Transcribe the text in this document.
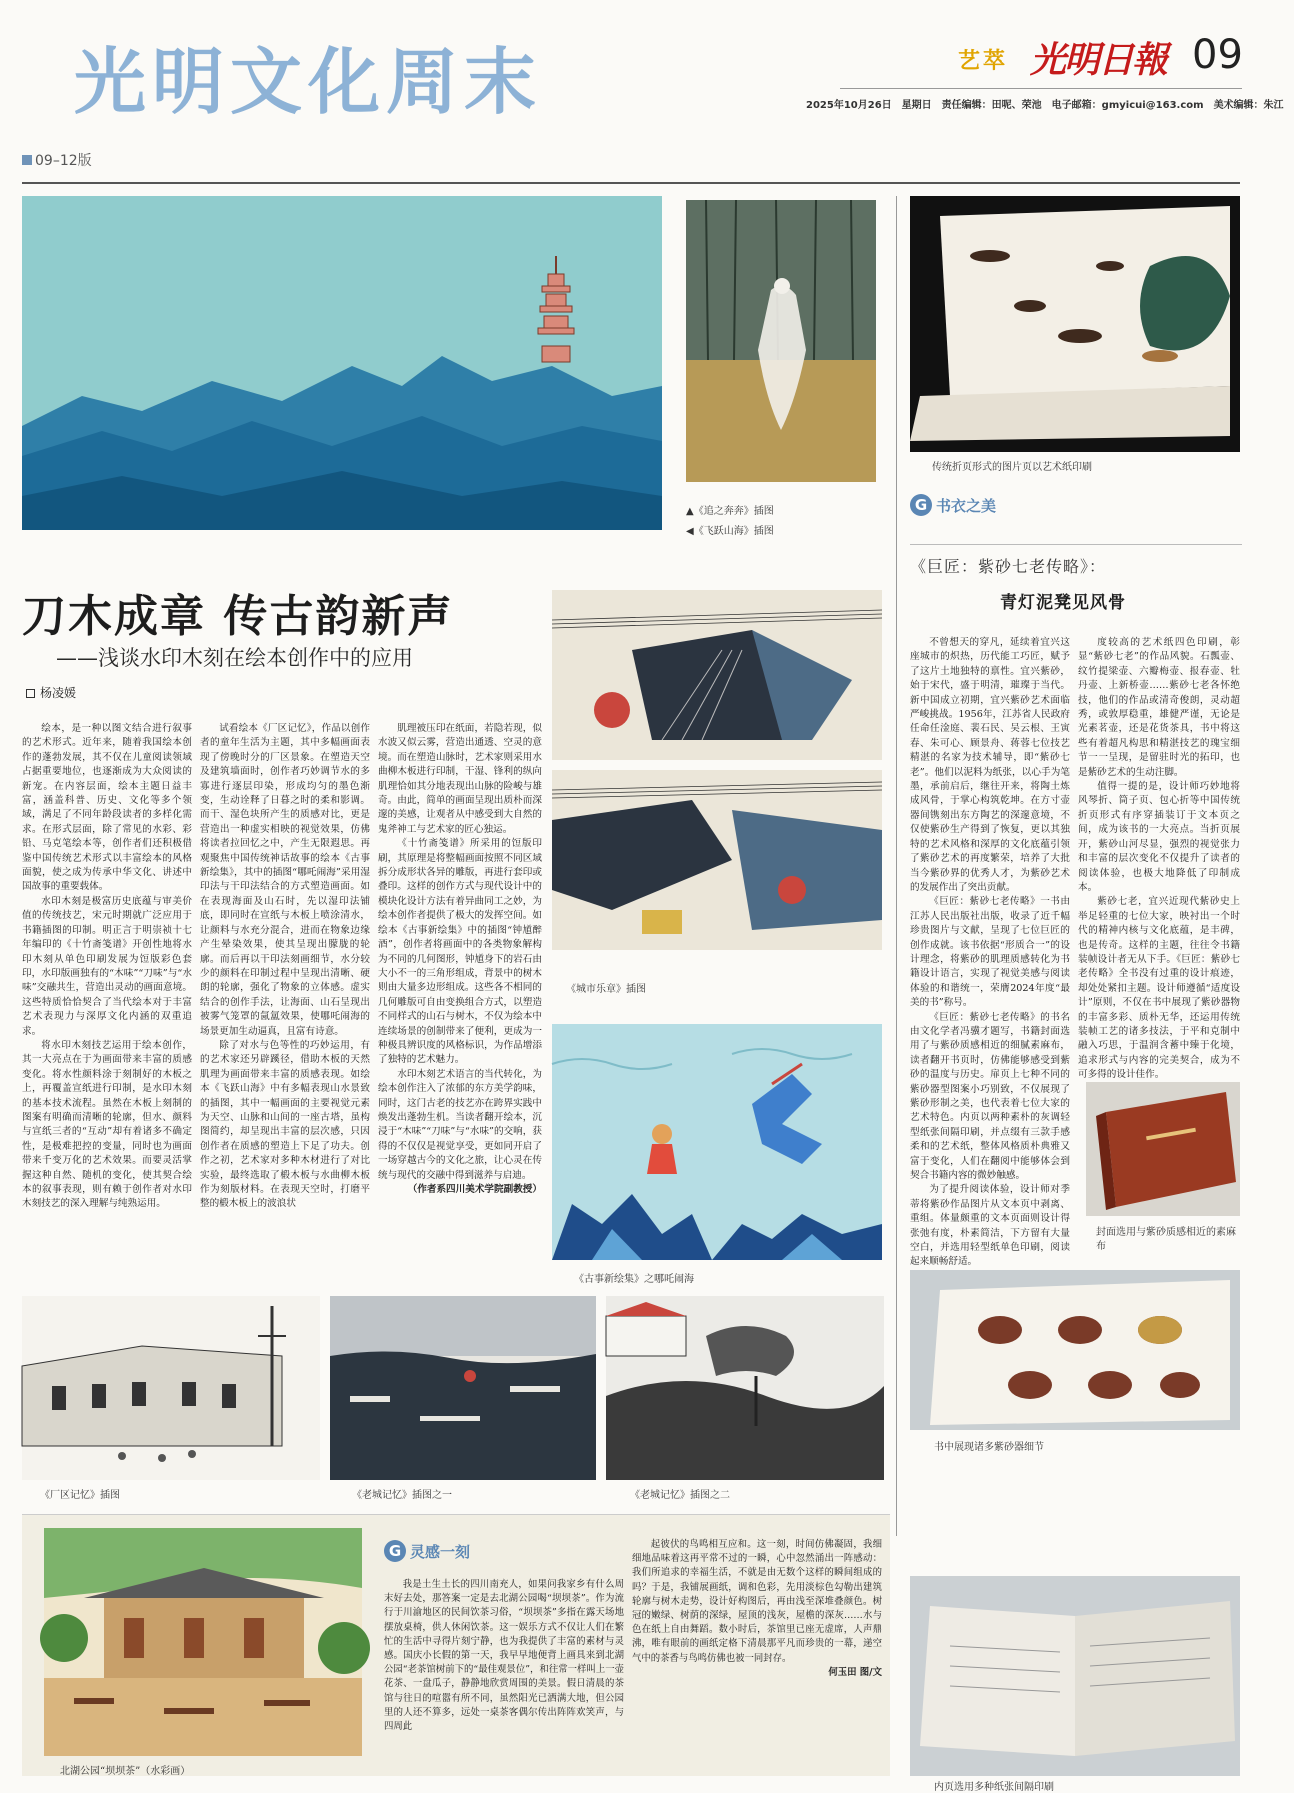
光明文化周末
09–12版
艺萃 光明日報 09
2025年10月26日 星期日 责任编辑：田呢、荣池 电子邮箱：gmyicui@163.com 美术编辑：朱江
▲《追之奔奔》插图
◀《飞跃山海》插图
刀木成章 传古韵新声
——浅谈水印木刻在绘本创作中的应用
杨凌媛
《城市乐章》插图
《古事新绘集》之哪吒闹海

绘本，是一种以图文结合进行叙事的艺术形式。近年来，随着我国绘本创作的蓬勃发展，其不仅在儿童阅读领域占据重要地位，也逐渐成为大众阅读的新宠。在内容层面，绘本主题日益丰富，涵盖科普、历史、文化等多个领域，满足了不同年龄段读者的多样化需求。在形式层面，除了常见的水彩、彩铅、马克笔绘本等，创作者们还积极借鉴中国传统艺术形式以丰富绘本的风格面貌，使之成为传承中华文化、讲述中国故事的重要载体。

水印木刻是极富历史底蕴与审美价值的传统技艺，宋元时期就广泛应用于书籍插图的印制。明正言于明崇祯十七年编印的《十竹斋笺谱》开创性地将水印木刻从单色印刷发展为饾版彩色套印，水印版画独有的“木味”“刀味”与“水味”交融共生，营造出灵动的画面意境。这些特质恰恰契合了当代绘本对于丰富艺术表现力与深厚文化内涵的双重追求。

将水印木刻技艺运用于绘本创作，其一大亮点在于为画面带来丰富的质感变化。将水性颜料涂于刻制好的木板之上，再覆盖宣纸进行印制，是水印木刻的基本技术流程。虽然在木板上刻制的图案有明确而清晰的轮廓，但水、颜料与宣纸三者的“互动”却有着诸多不确定性，是极难把控的变量，同时也为画面带来千变万化的艺术效果。而要灵活掌握这种自然、随机的变化，使其契合绘本的叙事表现，则有赖于创作者对水印木刻技艺的深入理解与纯熟运用。

试看绘本《厂区记忆》，作品以创作者的童年生活为主题，其中多幅画面表现了傍晚时分的厂区景象。在塑造天空及建筑墙面时，创作者巧妙调节水的多寡进行逐层印染，形成均匀的墨色渐变，生动诠释了日暮之时的柔和影调。而干、湿色块所产生的质感对比，更是营造出一种虚实相映的视觉效果，仿佛将读者拉回忆之中，产生无限遐思。再观聚焦中国传统神话故事的绘本《古事新绘集》，其中的插图“哪吒闹海”采用湿印法与干印法结合的方式塑造画面。如在表现海面及山石时，先以湿印法铺底，即同时在宣纸与木板上喷涂清水，让颜料与水充分混合，进而在物象边缘产生晕染效果，使其呈现出朦胧的轮廓。而后再以干印法刻画细节，水分较少的颜料在印制过程中呈现出清晰、硬朗的轮廓，强化了物象的立体感。虚实结合的创作手法，让海面、山石呈现出被雾气笼罩的氤氲效果，使哪吒闹海的场景更加生动逼真，且富有诗意。

除了对水与色等性的巧妙运用，有的艺术家还另辟蹊径，借助木板的天然肌理为画面带来丰富的质感表现。如绘本《飞跃山海》中有多幅表现山水景致的插图，其中一幅画面的主要视觉元素为天空、山脉和山间的一座古塔，虽构图简约，却呈现出丰富的层次感，只因创作者在质感的塑造上下足了功夫。创作之初，艺术家对多种木材进行了对比实验，最终选取了椴木板与水曲柳木板作为刻版材料。在表现天空时，打磨平整的椴木板上的波浪状

肌理被压印在纸面，若隐若现，似水波又似云雾，营造出通透、空灵的意境。而在塑造山脉时，艺术家则采用水曲柳木板进行印制，干湿、锋利的纵向肌理恰如其分地表现出山脉的险峻与雄奇。由此，简单的画面呈现出质朴而深邃的美感，让观者从中感受到大自然的鬼斧神工与艺术家的匠心独运。

《十竹斋笺谱》所采用的饾版印刷，其原理是将整幅画面按照不同区域拆分成形状各异的雕版，再进行套印或叠印。这样的创作方式与现代设计中的模块化设计方法有着异曲同工之妙，为绘本创作者提供了极大的发挥空间。如绘本《古事新绘集》中的插图“钟馗醉酒”，创作者将画面中的各类物象解构为不同的几何图形，钟馗身下的岩石由大小不一的三角形组成，背景中的树木则由大量多边形组成。这些各不相同的几何雕版可自由变换组合方式，以塑造不同样式的山石与树木，不仅为绘本中连续场景的创制带来了便利，更成为一种极具辨识度的风格标识，为作品增添了独特的艺术魅力。

水印木刻艺术语言的当代转化，为绘本创作注入了浓郁的东方美学韵味，同时，这门古老的技艺亦在跨界实践中焕发出蓬勃生机。当读者翻开绘本，沉浸于“木味”“刀味”与“水味”的交响，获得的不仅仅是视觉享受，更如同开启了一场穿越古今的文化之旅，让心灵在传统与现代的交融中得到滋养与启迪。

（作者系四川美术学院副教授）

《厂区记忆》插图	《老城记忆》插图之一	《老城记忆》插图之二
传统折页形式的图片页以艺术纸印刷
G 书衣之美
《巨匠：紫砂七老传略》：
青灯泥凳见风骨

不曾想天的穿凡，延续着宜兴这座城市的炽热，历代能工巧匠，赋予了这片土地独特的禀性。宜兴紫砂，始于宋代，盛于明清，璀璨于当代。新中国成立初期，宜兴紫砂艺术面临严峻挑战。1956年，江苏省人民政府任命任淦庭、裴石民、吴云根、王寅春、朱可心、顾景舟、蒋蓉七位技艺精湛的名家为技术辅导，即“紫砂七老”。他们以泥料为纸张，以心手为笔墨，承前启后，继往开来，将陶土炼成风骨，于掌心构筑乾坤。在方寸壶器间镌刻出东方陶艺的深邃意境，不仅使紫砂生产得到了恢复，更以其独特的艺术风格和深厚的文化底蕴引领了紫砂艺术的再度繁荣，培养了大批当今紫砂界的优秀人才，为紫砂艺术的发展作出了突出贡献。

《巨匠：紫砂七老传略》一书由江苏人民出版社出版，收录了近千幅珍贵图片与文献，呈现了七位巨匠的创作成就。该书依据“形质合一”的设计理念，将紫砂的肌理质感转化为书籍设计语言，实现了视觉美感与阅读体验的和谐统一，荣膺2024年度“最美的书”称号。

《巨匠：紫砂七老传略》的书名由文化学者冯骥才题写，书籍封面选用了与紫砂质感相近的细腻素麻布，读者翻开书页时，仿佛能够感受到紫砂的温度与历史。扉页上七种不同的紫砂器型图案小巧别致，不仅展现了紫砂形制之美，也代表着七位大家的艺术特色。内页以两种素朴的灰调轻型纸张间隔印刷，并点缀有三款手感柔和的艺术纸，整体风格质朴典雅又富于变化，人们在翻阅中能够体会到契合书籍内容的微妙触感。

为了提升阅读体验，设计师对季蒂将紫砂作品图片从文本页中剥离、重组。体量颇重的文本页面则设计得张弛有度，朴素简洁，下方留有大量空白，并选用轻型纸单色印刷，阅读起来顺畅舒适。

度较高的艺术纸四色印刷，彰显“紫砂七老”的作品风貌。石瓢壶、纹竹提梁壶、六瓣梅壶、报春壶、牡丹壶、上新桥壶……紫砂七老各怀绝技，他们的作品或清奇俊朗，灵动超秀，或敦厚稳重，雄健严谨，无论是光素茗壶，还是花货茶具，书中将这些有着超凡构思和精湛技艺的瑰宝细节一一呈现，是留驻时光的拓印，也是紫砂艺术的生动注脚。

值得一提的是，设计师巧妙地将风琴折、筒子页、包心折等中国传统折页形式有序穿插装订于文本页之间，成为该书的一大亮点。当折页展开，紫砂山河尽显，强烈的视觉张力和丰富的层次变化不仅提升了读者的阅读体验，也极大地降低了印制成本。

紫砂七老，宜兴近现代紫砂史上举足轻重的七位大家，映衬出一个时代的精神内核与文化底蕴，是丰碑，也是传奇。这样的主题，往往令书籍装帧设计者无从下手。《巨匠：紫砂七老传略》全书没有过重的设计痕迹，却处处紧扣主题。设计师遵循“适度设计”原则，不仅在书中展现了紫砂器物的丰富多彩、质朴无华，还运用传统装帧工艺的诸多技法，于平和克制中融入巧思，于温润含蓄中臻于化境，追求形式与内容的完美契合，成为不可多得的设计佳作。

封面选用与紫砂质感相近的素麻布
书中展现诸多紫砂器细节
内页选用多种纸张间隔印刷
北湖公园“坝坝茶”（水彩画）
G 灵感一刻

我是土生土长的四川南充人，如果问我家乡有什么周末好去处，那答案一定是去北湖公园喝“坝坝茶”。作为流行于川渝地区的民间饮茶习俗，“坝坝茶”多指在露天场地摆放桌椅，供人休闲饮茶。这一娱乐方式不仅让人们在繁忙的生活中寻得片刻宁静，也为我提供了丰富的素材与灵感。国庆小长假的第一天，我早早地便背上画具来到北湖公园“老茶馆树前下的“最佳观景位”，和往常一样叫上一壶花茶、一盘瓜子，静静地欣赏周围的美景。假日清晨的茶馆与往日的喧嚣有所不同，虽然阳光已洒满大地，但公园里的人还不算多，远处一桌茶客偶尔传出阵阵欢笑声，与四周此

起彼伏的鸟鸣相互应和。这一刻，时间仿佛凝固，我细细地品味着这再平常不过的一瞬，心中忽然涌出一阵感动：我们所追求的幸福生活，不就是由无数个这样的瞬间组成的吗？于是，我铺展画纸，调和色彩，先用淡棕色勾勒出建筑轮廓与树木走势，设计好构图后，再由浅至深堆叠颜色。树冠的嫩绿、树荫的深绿，屋顶的浅灰，屋檐的深灰……水与色在纸上自由舞蹈。数小时后，茶馆里已座无虚席，人声鼎沸，唯有眼前的画纸定格下清晨那平凡而珍贵的一幕，递空气中的茶香与鸟鸣仿佛也被一同封存。

何玉田 图/文
